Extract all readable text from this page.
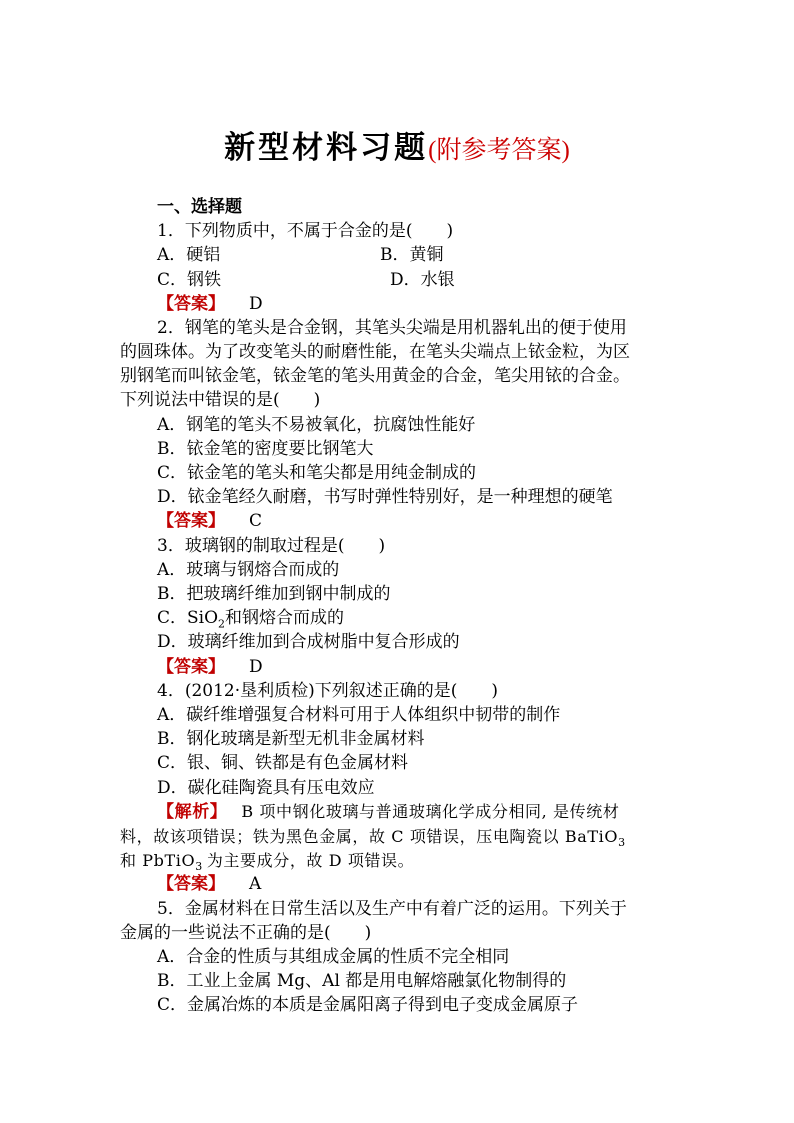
新型材料习题(附参考答案)
一、选择题
1．下列物质中，不属于合金的是(　　)
A．硬铝	B．黄铜
C．钢铁	D．水银
【答案】 D
2．钢笔的笔头是合金钢，其笔头尖端是用机器轧出的便于使用
的圆珠体。为了改变笔头的耐磨性能，在笔头尖端点上铱金粒，为区
别钢笔而叫铱金笔，铱金笔的笔头用黄金的合金，笔尖用铱的合金。
下列说法中错误的是(　　)
A．钢笔的笔头不易被氧化，抗腐蚀性能好
B．铱金笔的密度要比钢笔大
C．铱金笔的笔头和笔尖都是用纯金制成的
D．铱金笔经久耐磨，书写时弹性特别好，是一种理想的硬笔
【答案】 C
3．玻璃钢的制取过程是(　　)
A．玻璃与钢熔合而成的
B．把玻璃纤维加到钢中制成的
C．SiO$_2$和钢熔合而成的
D．玻璃纤维加到合成树脂中复合形成的
【答案】 D
4．(2012·垦利质检)下列叙述正确的是(　　)
A．碳纤维增强复合材料可用于人体组织中韧带的制作
B．钢化玻璃是新型无机非金属材料
C．银、铜、铁都是有色金属材料
D．碳化硅陶瓷具有压电效应
【解析】 B 项中钢化玻璃与普通玻璃化学成分相同, 是传统材
料，故该项错误；铁为黑色金属，故 C 项错误，压电陶瓷以 BaTiO$_3$
和 PbTiO$_3$ 为主要成分，故 D 项错误。
【答案】 A
5．金属材料在日常生活以及生产中有着广泛的运用。下列关于
金属的一些说法不正确的是(　　)
A．合金的性质与其组成金属的性质不完全相同
B．工业上金属 Mg、Al 都是用电解熔融氯化物制得的
C．金属冶炼的本质是金属阳离子得到电子变成金属原子
